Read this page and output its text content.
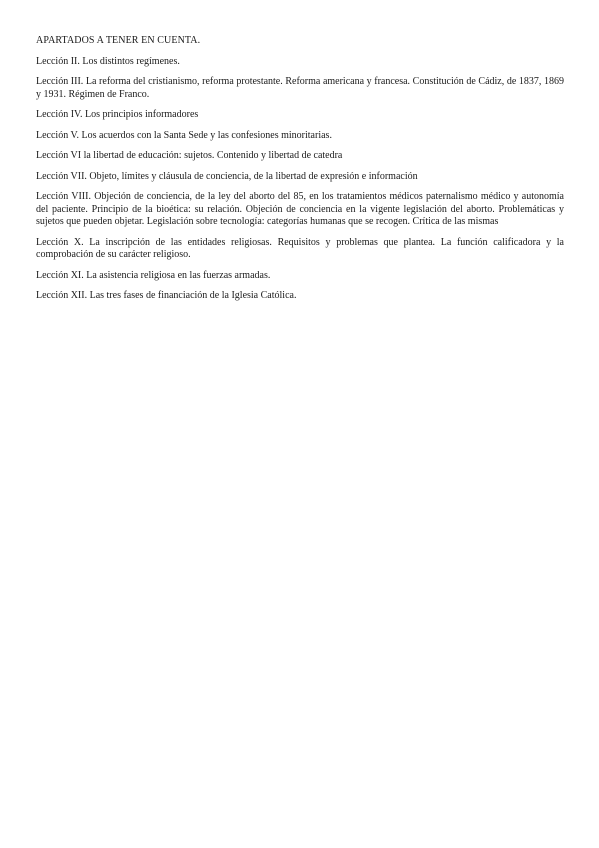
APARTADOS A TENER EN CUENTA.

Lección II. Los distintos regímenes.

Lección III. La reforma del cristianismo, reforma protestante. Reforma americana y francesa. Constitución de Cádiz, de 1837, 1869 y 1931. Régimen de Franco.

Lección IV. Los principios informadores

Lección V. Los acuerdos con la Santa Sede y las confesiones minoritarias.

Lección VI la libertad de educación: sujetos. Contenido y libertad de catedra

Lección VII. Objeto, límites y cláusula de conciencia, de la libertad de expresión e información

Lección VIII. Objeción de conciencia, de la ley del aborto del 85, en los tratamientos médicos paternalismo médico y autonomía del paciente. Principio de la bioética: su relación. Objeción de conciencia en la vigente legislación del aborto. Problemáticas y sujetos que pueden objetar. Legislación sobre tecnología: categorías humanas que se recogen. Crítica de las mismas

Lección X. La inscripción de las entidades religiosas. Requisitos y problemas que plantea. La función calificadora y la comprobación de su carácter religioso.

Lección XI. La asistencia religiosa en las fuerzas armadas.

Lección XII. Las tres fases de financiación de la Iglesia Católica.
